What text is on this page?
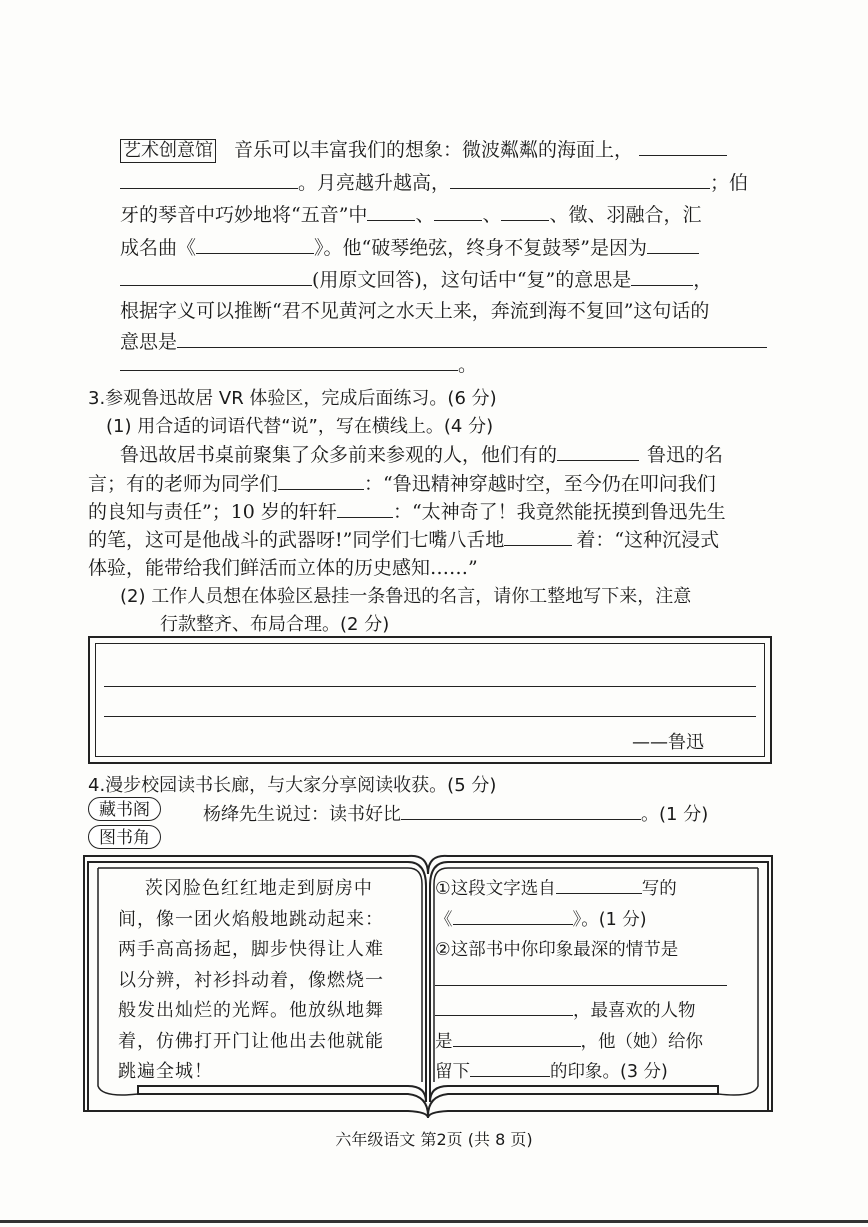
艺术创意馆 音乐可以丰富我们的想象：微波粼粼的海面上，
。月亮越升越高，	；伯
牙的琴音中巧妙地将“五音”中	、	、	、徵、羽融合，汇
成名曲《	》。他“破琴绝弦，终身不复鼓琴”是因为
(用原文回答)，这句话中“复”的意思是	，
根据字义可以推断“君不见黄河之水天上来，奔流到海不复回”这句话的
意思是
。
3.参观鲁迅故居 VR 体验区，完成后面练习。(6 分)
(1) 用合适的词语代替“说”，写在横线上。(4 分)
鲁迅故居书桌前聚集了众多前来参观的人，他们有的	鲁迅的名
言；有的老师为同学们	：“鲁迅精神穿越时空，至今仍在叩问我们
的良知与责任”；10 岁的轩轩	：“太神奇了！我竟然能抚摸到鲁迅先生
的笔，这可是他战斗的武器呀!”同学们七嘴八舌地	着：“这种沉浸式
体验，能带给我们鲜活而立体的历史感知……”
(2) 工作人员想在体验区悬挂一条鲁迅的名言，请你工整地写下来，注意
行款整齐、布局合理。(2 分)
——鲁迅
4.漫步校园读书长廊，与大家分享阅读收获。(5 分)
藏书阁
图书角
杨绛先生说过：读书好比	。(1 分)
茨冈脸色红红地走到厨房中
间，像一团火焰般地跳动起来：
两手高高扬起，脚步快得让人难
以分辨，衬衫抖动着，像燃烧一
般发出灿烂的光辉。他放纵地舞
着，仿佛打开门让他出去他就能
跳遍全城！
①这段文字选自	写的
《	》。(1 分)
②这部书中你印象最深的情节是
，最喜欢的人物
是	，他（她）给你
留下	的印象。(3 分)
六年级语文 第2页 (共 8 页)
